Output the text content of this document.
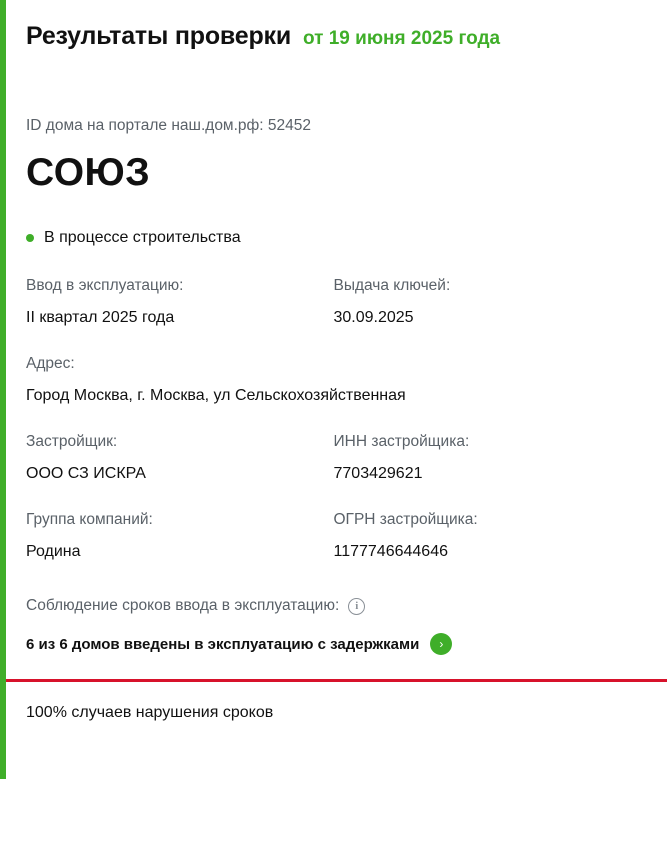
Результаты проверки от 19 июня 2025 года
ID дома на портале наш.дом.рф: 52452
СОЮЗ
В процессе строительства
Ввод в эксплуатацию:
II квартал 2025 года
Выдача ключей:
30.09.2025
Адрес:
Город Москва, г. Москва, ул Сельскохозяйственная
Застройщик:
ООО СЗ ИСКРА
ИНН застройщика:
7703429621
Группа компаний:
Родина
ОГРН застройщика:
1177746644646
Соблюдение сроков ввода в эксплуатацию:	i
6 из 6 домов введены в эксплуатацию с задержками	›
100% случаев нарушения сроков
